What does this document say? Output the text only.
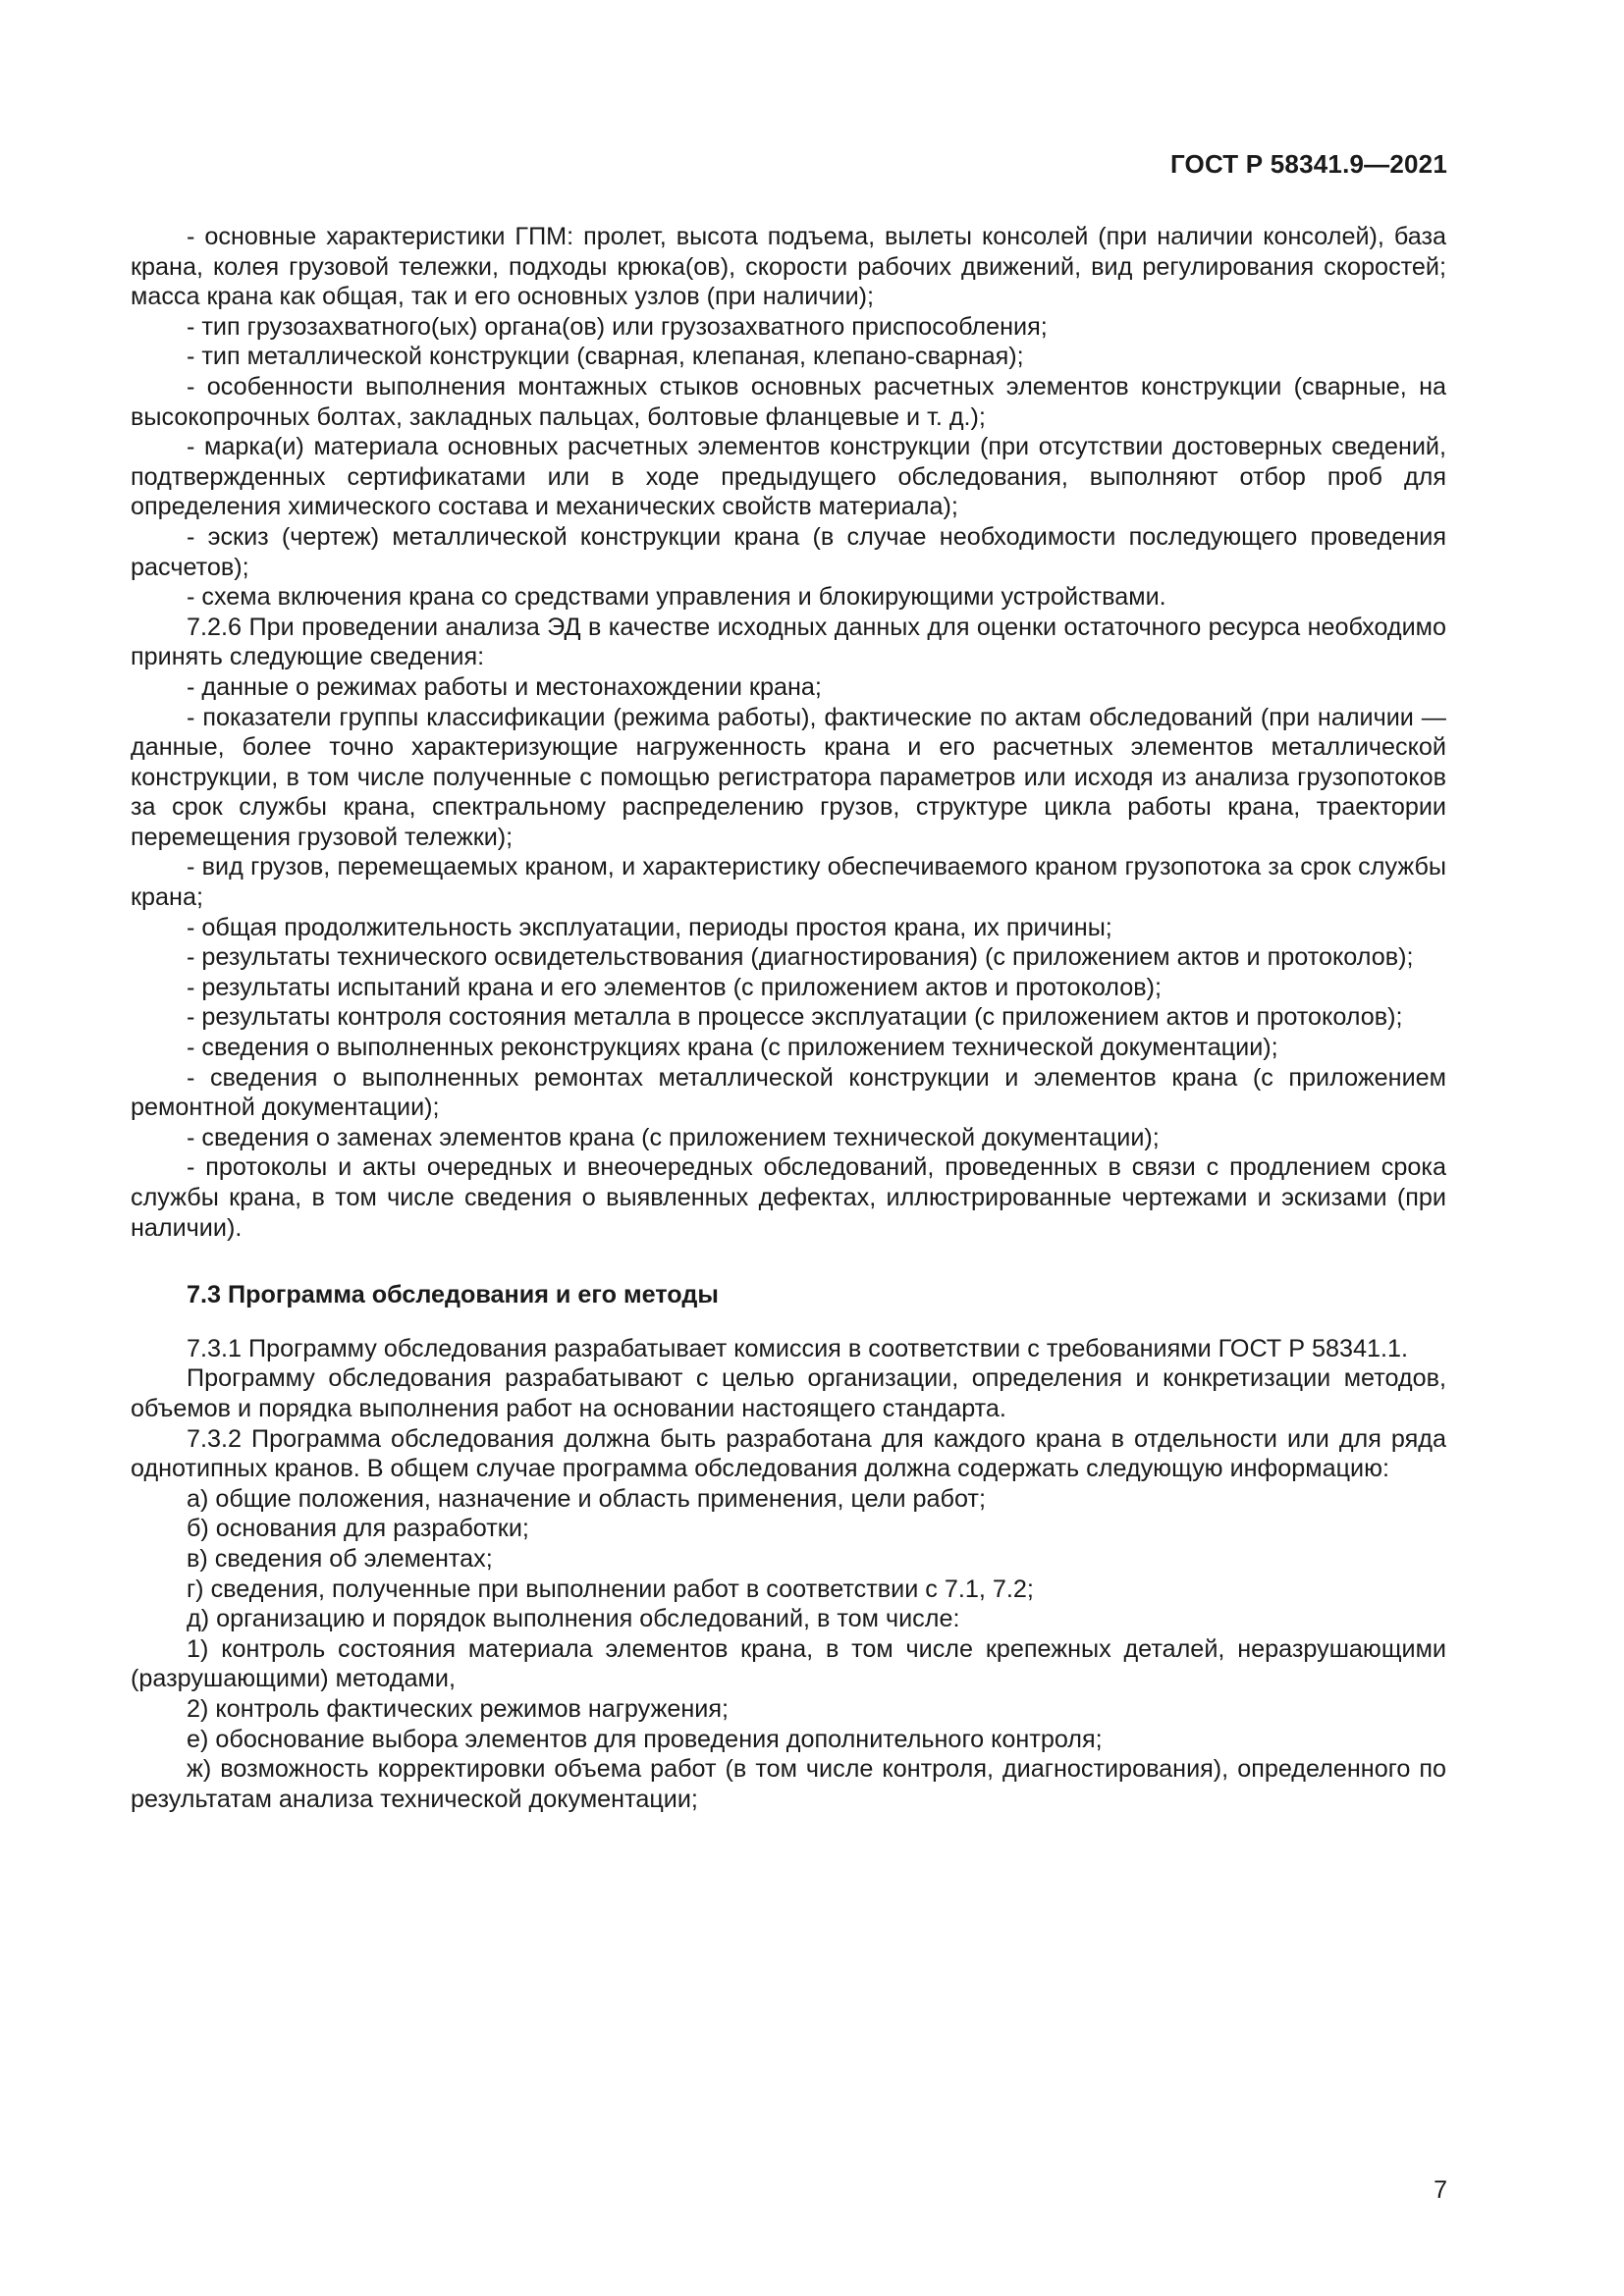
ГОСТ Р 58341.9—2021

- основные характеристики ГПМ: пролет, высота подъема, вылеты консолей (при наличии консолей), база крана, колея грузовой тележки, подходы крюка(ов), скорости рабочих движений, вид регулирования скоростей; масса крана как общая, так и его основных узлов (при наличии);

- тип грузозахватного(ых) органа(ов) или грузозахватного приспособления;

- тип металлической конструкции (сварная, клепаная, клепано-сварная);

- особенности выполнения монтажных стыков основных расчетных элементов конструкции (сварные, на высокопрочных болтах, закладных пальцах, болтовые фланцевые и т. д.);

- марка(и) материала основных расчетных элементов конструкции (при отсутствии достоверных сведений, подтвержденных сертификатами или в ходе предыдущего обследования, выполняют отбор проб для определения химического состава и механических свойств материала);

- эскиз (чертеж) металлической конструкции крана (в случае необходимости последующего проведения расчетов);

- схема включения крана со средствами управления и блокирующими устройствами.

7.2.6 При проведении анализа ЭД в качестве исходных данных для оценки остаточного ресурса необходимо принять следующие сведения:

- данные о режимах работы и местонахождении крана;

- показатели группы классификации (режима работы), фактические по актам обследований (при наличии — данные, более точно характеризующие нагруженность крана и его расчетных элементов металлической конструкции, в том числе полученные с помощью регистратора параметров или исходя из анализа грузопотоков за срок службы крана, спектральному распределению грузов, структуре цикла работы крана, траектории перемещения грузовой тележки);

- вид грузов, перемещаемых краном, и характеристику обеспечиваемого краном грузопотока за срок службы крана;

- общая продолжительность эксплуатации, периоды простоя крана, их причины;

- результаты технического освидетельствования (диагностирования) (с приложением актов и протоколов);

- результаты испытаний крана и его элементов (с приложением актов и протоколов);

- результаты контроля состояния металла в процессе эксплуатации (с приложением актов и протоколов);

- сведения о выполненных реконструкциях крана (с приложением технической документации);

- сведения о выполненных ремонтах металлической конструкции и элементов крана (с приложением ремонтной документации);

- сведения о заменах элементов крана (с приложением технической документации);

- протоколы и акты очередных и внеочередных обследований, проведенных в связи с продлением срока службы крана, в том числе сведения о выявленных дефектах, иллюстрированные чертежами и эскизами (при наличии).

7.3 Программа обследования и его методы

7.3.1 Программу обследования разрабатывает комиссия в соответствии с требованиями ГОСТ Р 58341.1.

Программу обследования разрабатывают с целью организации, определения и конкретизации методов, объемов и порядка выполнения работ на основании настоящего стандарта.

7.3.2 Программа обследования должна быть разработана для каждого крана в отдельности или для ряда однотипных кранов. В общем случае программа обследования должна содержать следующую информацию:

а) общие положения, назначение и область применения, цели работ;

б) основания для разработки;

в) сведения об элементах;

г) сведения, полученные при выполнении работ в соответствии с 7.1, 7.2;

д) организацию и порядок выполнения обследований, в том числе:

1) контроль состояния материала элементов крана, в том числе крепежных деталей, неразрушающими (разрушающими) методами,

2) контроль фактических режимов нагружения;

е) обоснование выбора элементов для проведения дополнительного контроля;

ж) возможность корректировки объема работ (в том числе контроля, диагностирования), определенного по результатам анализа технической документации;

7
